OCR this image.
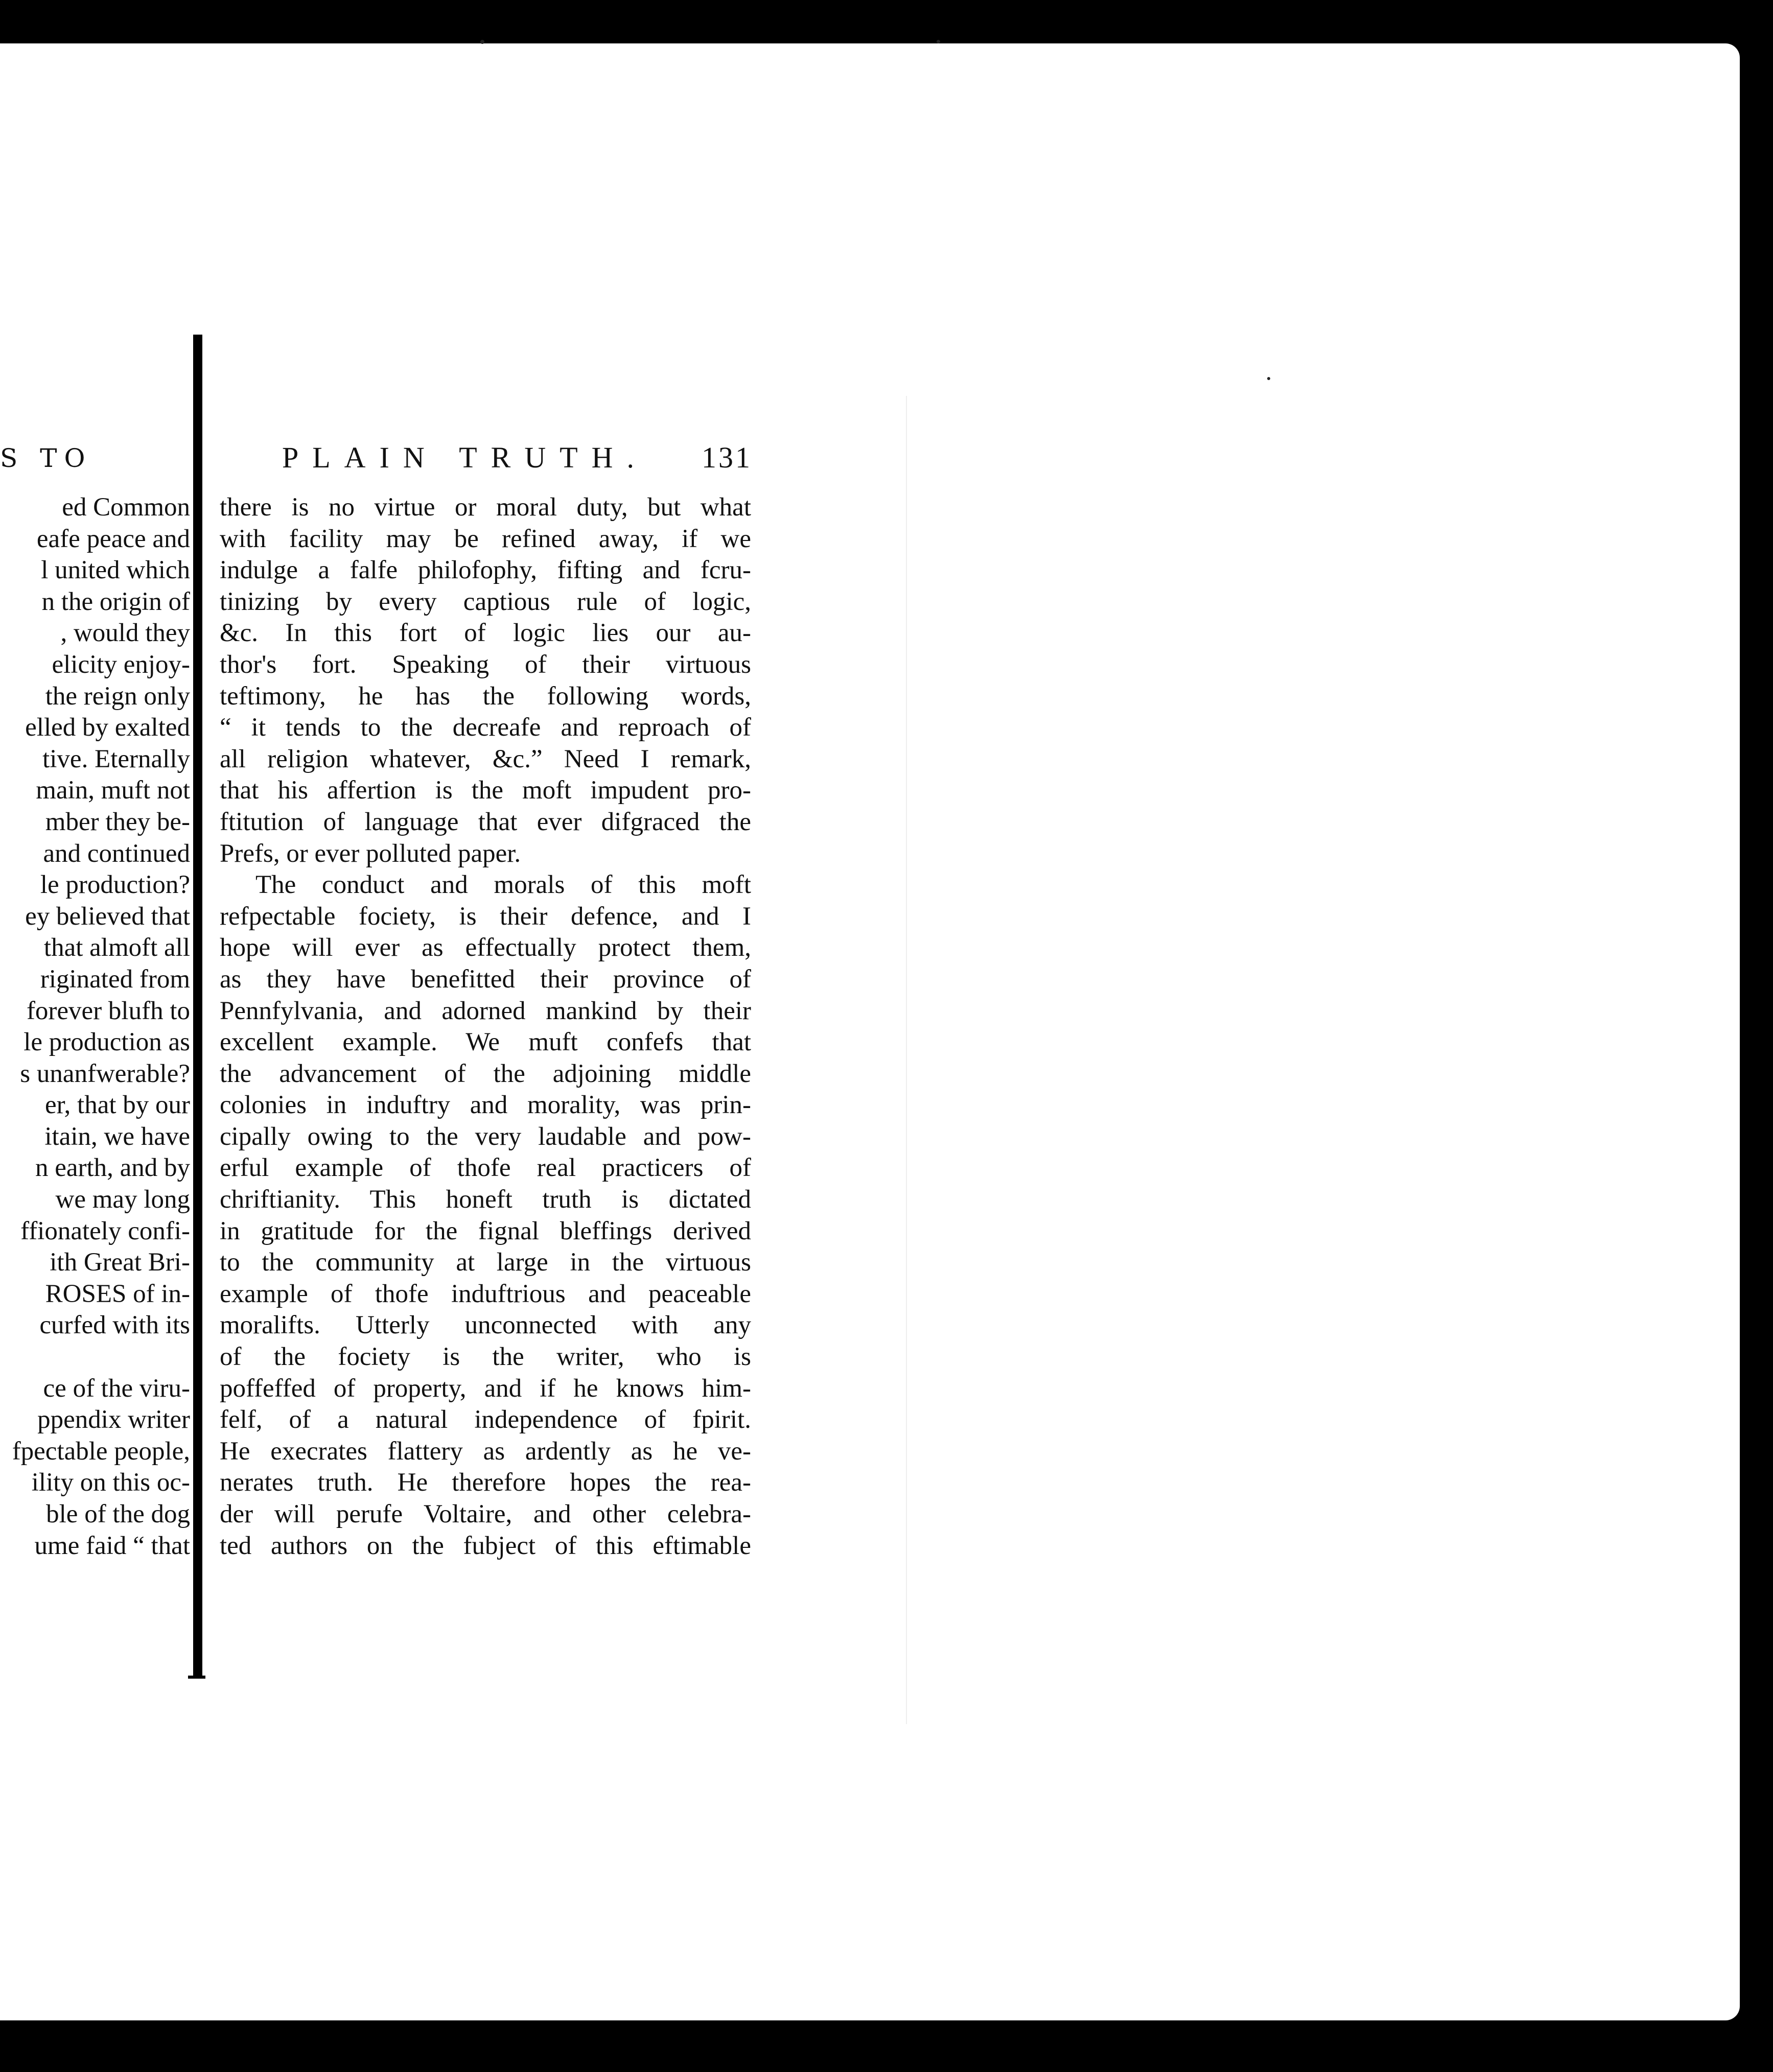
S TO
ed Common
eafe peace and
l united which
n the origin of
, would they
elicity enjoy-
the reign only
elled by exalted
tive. Eternally
main, muft not
mber they be-
and continued
le production?
ey believed that
that almoft all
riginated from
forever blufh to
le production as
s unanfwerable?
er, that by our
itain, we have
n earth, and by
we may long
ffionately confi-
ith Great Bri-
ROSES of in-
curfed with its
ce of the viru-
ppendix writer
fpectable people,
ility on this oc-
ble of the dog
ume faid “ that
PLAIN TRUTH. 131
there is no virtue or moral duty, but what
with facility may be refined away, if we
indulge a falfe philofophy, fifting and fcru-
tinizing by every captious rule of logic,
&c. In this fort of logic lies our au-
thor's fort. Speaking of their virtuous
teftimony, he has the following words,
“ it tends to the decreafe and reproach of
all religion whatever, &c.” Need I remark,
that his affertion is the moft impudent pro-
ftitution of language that ever difgraced the
Prefs, or ever polluted paper.
The conduct and morals of this moft
refpectable fociety, is their defence, and I
hope will ever as effectually protect them,
as they have benefitted their province of
Pennfylvania, and adorned mankind by their
excellent example. We muft confefs that
the advancement of the adjoining middle
colonies in induftry and morality, was prin-
cipally owing to the very laudable and pow-
erful example of thofe real practicers of
chriftianity. This honeft truth is dictated
in gratitude for the fignal bleffings derived
to the community at large in the virtuous
example of thofe induftrious and peaceable
moralifts. Utterly unconnected with any
of the fociety is the writer, who is
poffeffed of property, and if he knows him-
felf, of a natural independence of fpirit.
He execrates flattery as ardently as he ve-
nerates truth. He therefore hopes the rea-
der will perufe Voltaire, and other celebra-
ted authors on the fubject of this eftimable
